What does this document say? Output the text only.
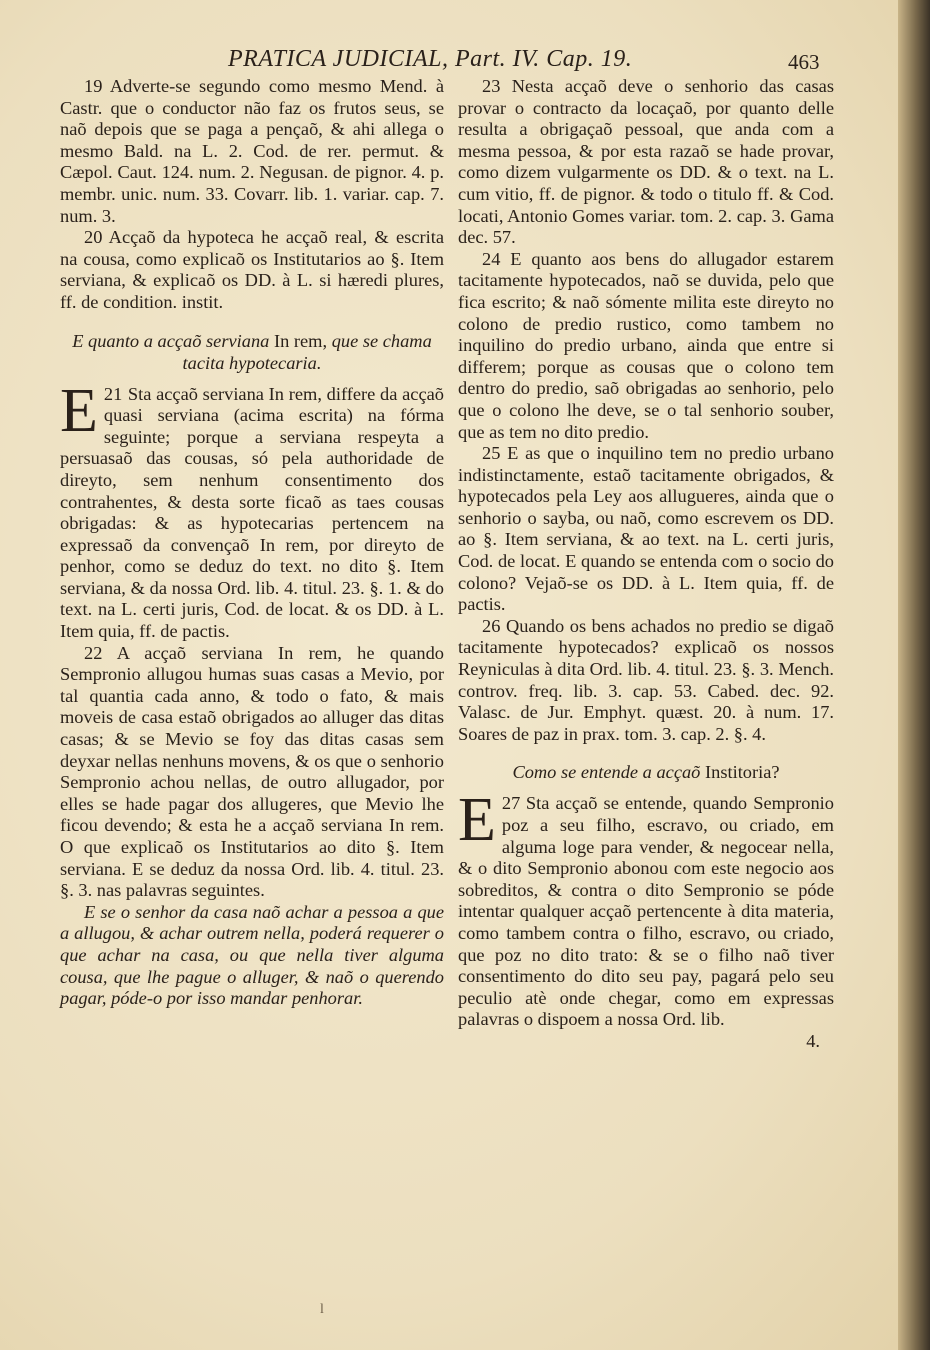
PRATICA JUDICIAL, Part. IV. Cap. 19.	463

19 Adverte-se segundo como mesmo Mend. à Castr. que o conductor não faz os frutos seus, se naõ depois que se paga a pençaõ, & ahi allega o mesmo Bald. na L. 2. Cod. de rer. permut. & Cæpol. Caut. 124. num. 2. Negusan. de pignor. 4. p. membr. unic. num. 33. Covarr. lib. 1. variar. cap. 7. num. 3.

20 Acçaõ da hypoteca he acçaõ real, & escrita na cousa, como explicaõ os Institutarios ao §. Item serviana, & explicaõ os DD. à L. si hæredi plures, ff. de condition. instit.

E quanto a acçaõ serviana In rem, que se chama tacita hypotecaria.

21
E Sta acçaõ serviana In rem, differe da acçaõ quasi serviana (acima escrita) na fórma seguinte; porque a serviana respeyta a persuasaõ das cousas, só pela authoridade de direyto, sem nenhum consentimento dos contrahentes, & desta sorte ficaõ as taes cousas obrigadas: & as hypotecarias pertencem na expressaõ da convençaõ In rem, por direyto de penhor, como se deduz do text. no dito §. Item serviana, & da nossa Ord. lib. 4. titul. 23. §. 1. & do text. na L. certi juris, Cod. de locat. & os DD. à L. Item quia, ff. de pactis.

22 A acçaõ serviana In rem, he quando Sempronio allugou humas suas casas a Mevio, por tal quantia cada anno, & todo o fato, & mais moveis de casa estaõ obrigados ao alluger das ditas casas; & se Mevio se foy das ditas casas sem deyxar nellas nenhuns movens, & os que o senhorio Sempronio achou nellas, de outro allugador, por elles se hade pagar dos allugeres, que Mevio lhe ficou devendo; & esta he a acçaõ serviana In rem. O que explicaõ os Institutarios ao dito §. Item serviana. E se deduz da nossa Ord. lib. 4. titul. 23. §. 3. nas palavras seguintes.

E se o senhor da casa naõ achar a pessoa a que a allugou, & achar outrem nella, poderá requerer o que achar na casa, ou que nella tiver alguma cousa, que lhe pague o alluger, & naõ o querendo pagar, póde-o por isso mandar penhorar.

23 Nesta acçaõ deve o senhorio das casas provar o contracto da locaçaõ, por quanto delle resulta a obrigaçaõ pessoal, que anda com a mesma pessoa, & por esta razaõ se hade provar, como dizem vulgarmente os DD. & o text. na L. cum vitio, ff. de pignor. & todo o titulo ff. & Cod. locati, Antonio Gomes variar. tom. 2. cap. 3. Gama dec. 57.

24 E quanto aos bens do allugador estarem tacitamente hypotecados, naõ se duvida, pelo que fica escrito; & naõ sómente milita este direyto no colono de predio rustico, como tambem no inquilino do predio urbano, ainda que entre si differem; porque as cousas que o colono tem dentro do predio, saõ obrigadas ao senhorio, pelo que o colono lhe deve, se o tal senhorio souber, que as tem no dito predio.

25 E as que o inquilino tem no predio urbano indistinctamente, estaõ tacitamente obrigados, & hypotecados pela Ley aos allugueres, ainda que o senhorio o sayba, ou naõ, como escrevem os DD. ao §. Item serviana, & ao text. na L. certi juris, Cod. de locat. E quando se entenda com o socio do colono? Vejaõ-se os DD. à L. Item quia, ff. de pactis.

26 Quando os bens achados no predio se digaõ tacitamente hypotecados? explicaõ os nossos Reyniculas à dita Ord. lib. 4. titul. 23. §. 3. Mench. controv. freq. lib. 3. cap. 53. Cabed. dec. 92. Valasc. de Jur. Emphyt. quæst. 20. à num. 17. Soares de paz in prax. tom. 3. cap. 2. §. 4.

Como se entende a acçaõ Institoria?

27
E Sta acçaõ se entende, quando Sempronio poz a seu filho, escravo, ou criado, em alguma loge para vender, & negocear nella, & o dito Sempronio abonou com este negocio aos sobreditos, & contra o dito Sempronio se póde intentar qualquer acçaõ pertencente à dita materia, como tambem contra o filho, escravo, ou criado, que poz no dito trato: & se o filho naõ tiver consentimento do dito seu pay, pagará pelo seu peculio atè onde chegar, como em expressas palavras o dispoem a nossa Ord. lib.

4.

l
